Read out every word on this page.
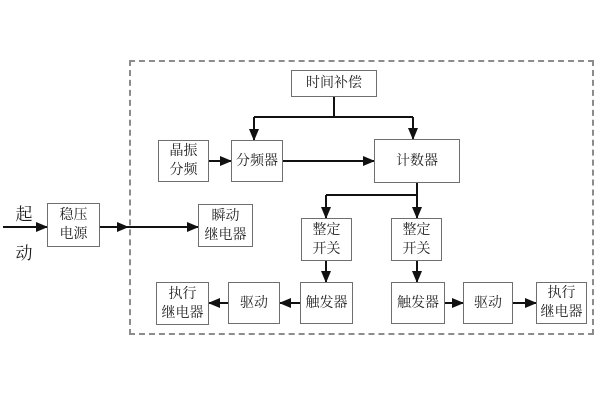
起
动
稳压
电源
时间补偿
晶振
分频
分频器	计数器
瞬动
继电器	整定
开关
整定
开关
执行
继电器
驱动	触发器	触发器	驱动
执行
继电器
